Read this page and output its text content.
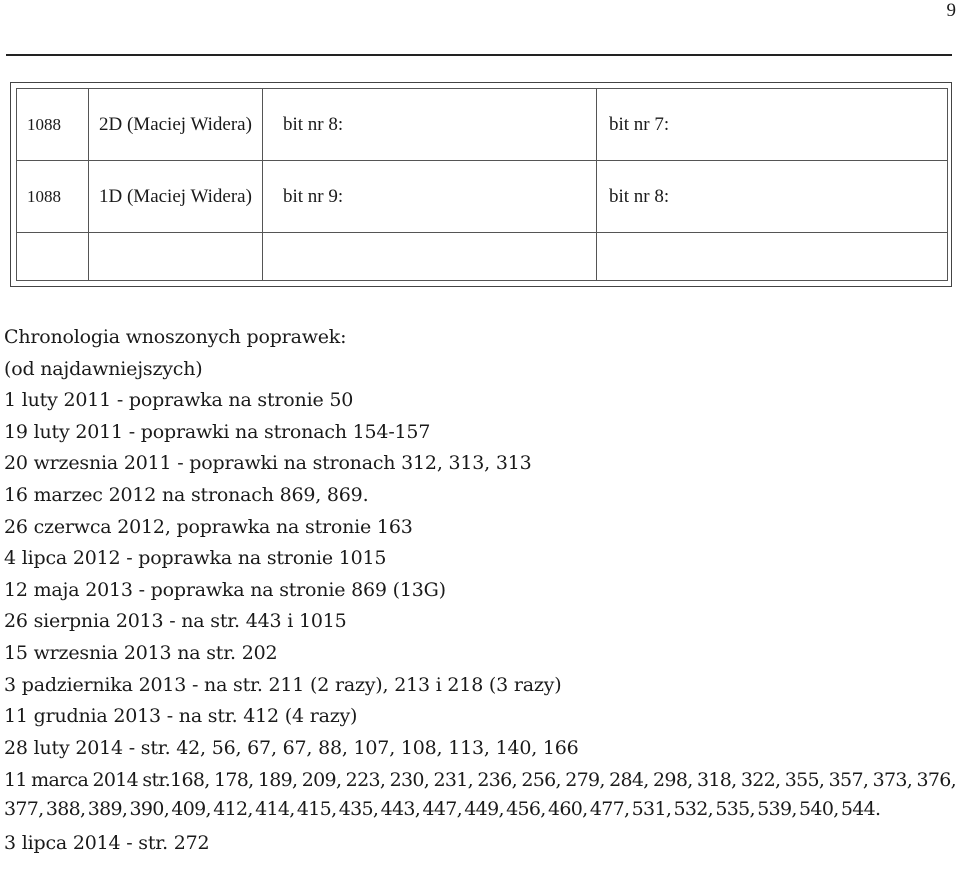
9
1088	2D (Maciej Widera)	bit nr 8:	bit nr 7:
1088	1D (Maciej Widera)	bit nr 9:	bit nr 8:

Chronologia wnoszonych poprawek:

(od najdawniejszych)

1 luty 2011 - poprawka na stronie 50

19 luty 2011 - poprawki na stronach 154-157

20 wrzesnia 2011 - poprawki na stronach 312, 313, 313

16 marzec 2012 na stronach 869, 869.

26 czerwca 2012, poprawka na stronie 163

4 lipca 2012 - poprawka na stronie 1015

12 maja 2013 - poprawka na stronie 869 (13G)

26 sierpnia 2013 - na str. 443 i 1015

15 wrzesnia 2013 na str. 202

3 padziernika 2013 - na str. 211 (2 razy), 213 i 218 (3 razy)

11 grudnia 2013 - na str. 412 (4 razy)

28 luty 2014 - str. 42, 56, 67, 67, 88, 107, 108, 113, 140, 166

11 marca 2014 str.168, 178, 189, 209, 223, 230, 231, 236, 256, 279, 284, 298, 318, 322, 355, 357, 373, 376, 377, 388, 389, 390, 409, 412, 414, 415, 435, 443, 447, 449, 456, 460, 477, 531, 532, 535, 539, 540, 544.

3 lipca 2014 - str. 272
